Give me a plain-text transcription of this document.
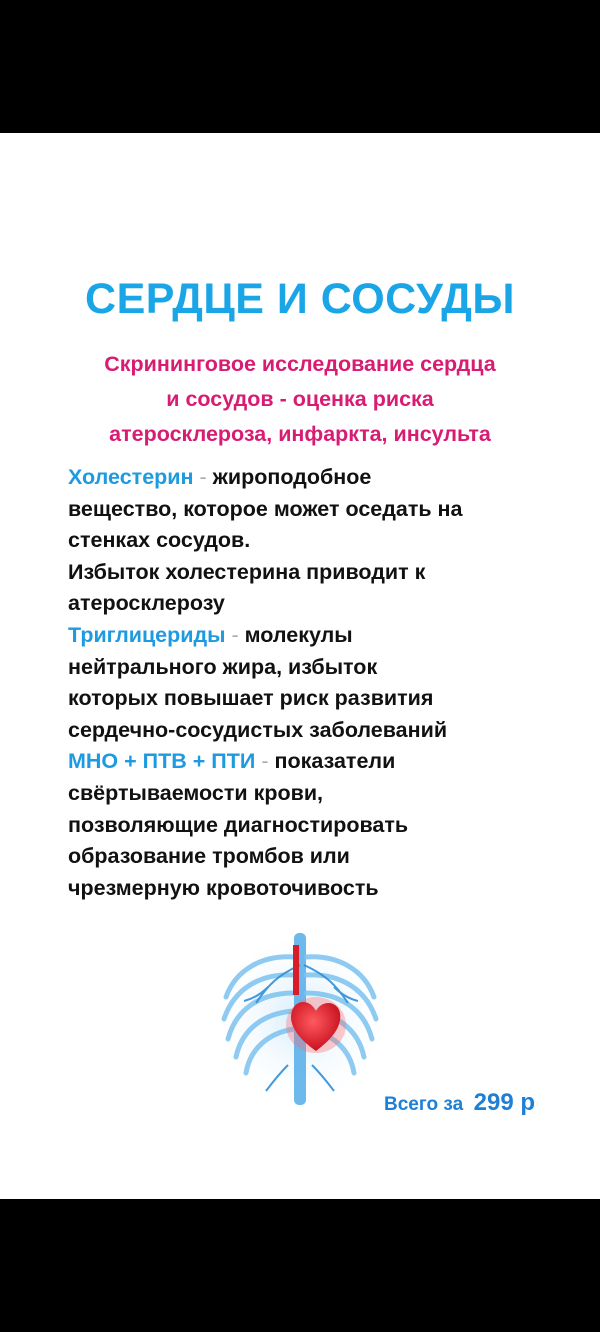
СЕРДЦЕ И СОСУДЫ
Скрининговое исследование сердца
и сосудов - оценка риска
атеросклероза, инфаркта, инсульта
Холестерин - жироподобное
вещество, которое может оседать на
стенках сосудов.
Избыток холестерина приводит к
атеросклерозу
Триглицериды - молекулы
нейтрального жира, избыток
которых повышает риск развития
сердечно-сосудистых заболеваний
МНО + ПТВ + ПТИ - показатели
свёртываемости крови,
позволяющие диагностировать
образование тромбов или
чрезмерную кровоточивость
Всего за 299 р
